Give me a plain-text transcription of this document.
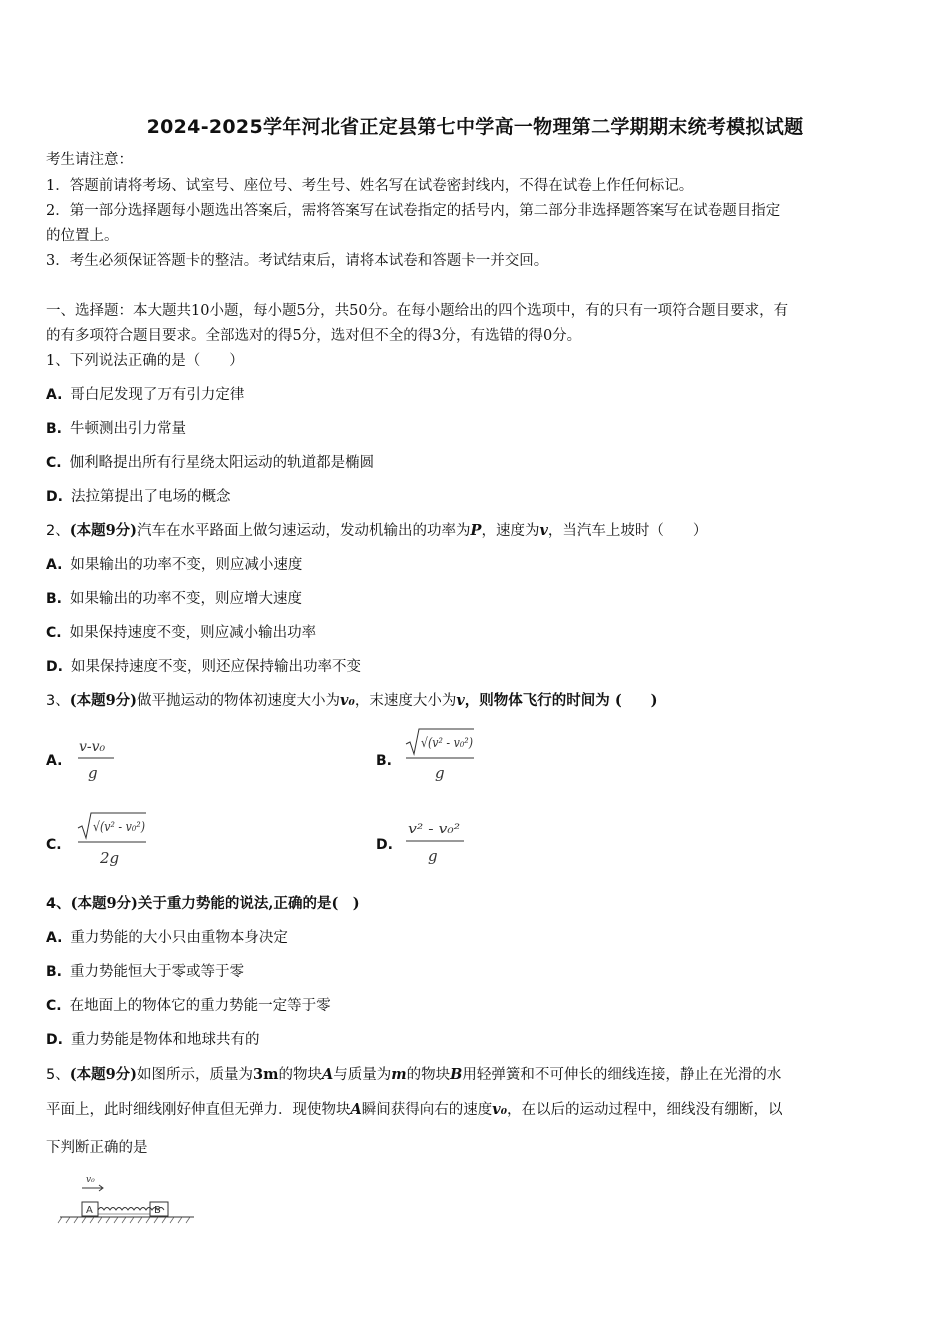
2024-2025学年河北省正定县第七中学高一物理第二学期期末统考模拟试题
考生请注意：
1．答题前请将考场、试室号、座位号、考生号、姓名写在试卷密封线内，不得在试卷上作任何标记。
2．第一部分选择题每小题选出答案后，需将答案写在试卷指定的括号内，第二部分非选择题答案写在试卷题目指定
的位置上。
3．考生必须保证答题卡的整洁。考试结束后，请将本试卷和答题卡一并交回。
一、选择题：本大题共10小题，每小题5分，共50分。在每小题给出的四个选项中，有的只有一项符合题目要求，有
的有多项符合题目要求。全部选对的得5分，选对但不全的得3分，有选错的得0分。
1、下列说法正确的是（　　）
A. 哥白尼发现了万有引力定律
B. 牛顿测出引力常量
C. 伽利略提出所有行星绕太阳运动的轨道都是椭圆
D. 法拉第提出了电场的概念
2、(本题9分)汽车在水平路面上做匀速运动，发动机输出的功率为P，速度为v，当汽车上坡时（　　）
A. 如果输出的功率不变，则应减小速度
B. 如果输出的功率不变，则应增大速度
C. 如果保持速度不变，则应减小输出功率
D. 如果保持速度不变，则还应保持输出功率不变
3、(本题9分)做平抛运动的物体初速度大小为v₀，末速度大小为v，则物体飞行的时间为 (　　)
A.
v-v₀
g
B.
√(v² - v₀²)
g
C.
√(v² - v₀²)
2g
D.
v² - v₀²
g
4、(本题9分)关于重力势能的说法,正确的是(　)
A. 重力势能的大小只由重物本身决定
B. 重力势能恒大于零或等于零
C. 在地面上的物体它的重力势能一定等于零
D. 重力势能是物体和地球共有的
5、(本题9分)如图所示，质量为3m的物块A与质量为m的物块B用轻弹簧和不可伸长的细线连接，静止在光滑的水
平面上，此时细线刚好伸直但无弹力．现使物块A瞬间获得向右的速度v₀，在以后的运动过程中，细线没有绷断，以
下判断正确的是
v₀
A	B
